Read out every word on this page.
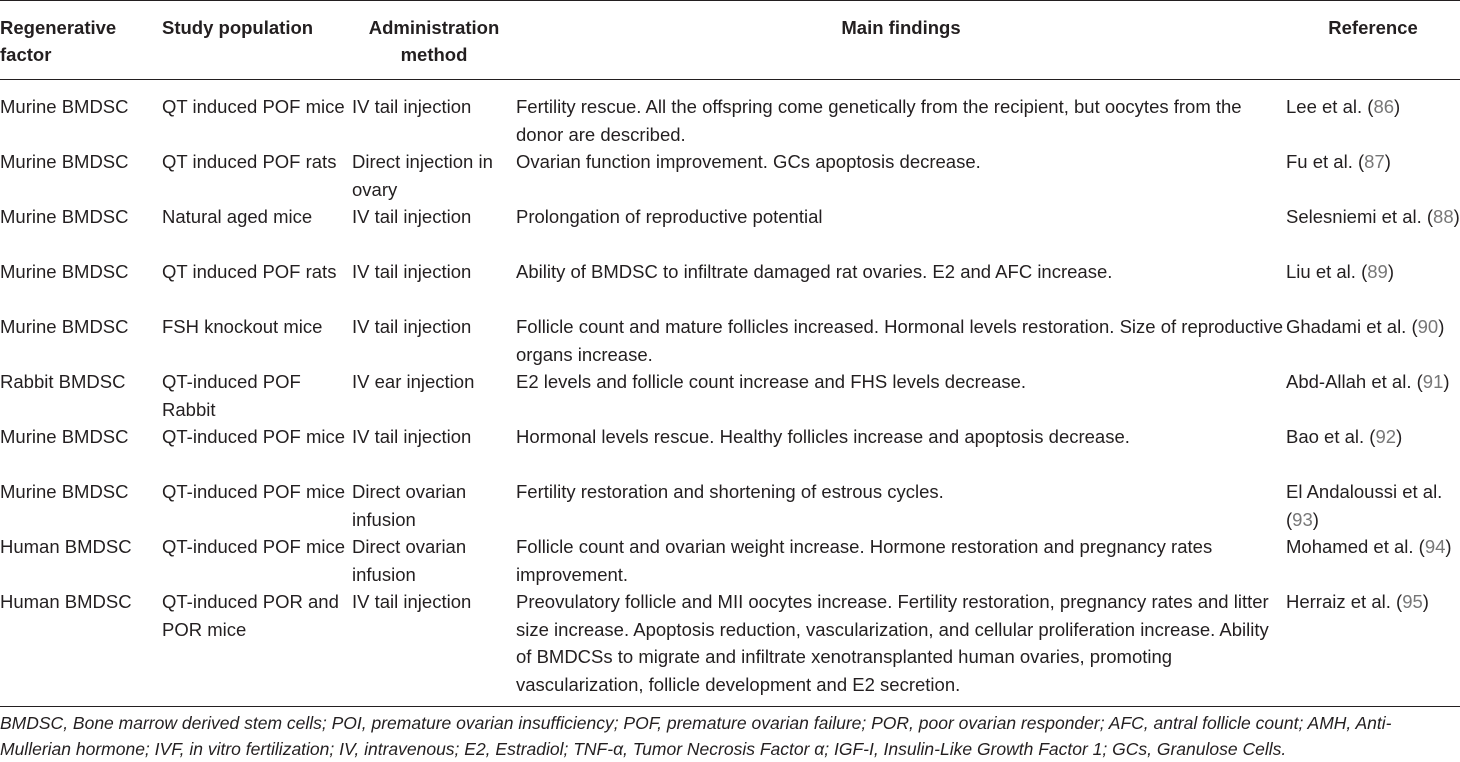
Regenerative factor	Study population	Administration method	Main findings	Reference
Murine BMDSC	QT induced POF mice	IV tail injection	Fertility rescue. All the offspring come genetically from the recipient, but oocytes from the donor are described.	Lee et al. (86)
Murine BMDSC	QT induced POF rats	Direct injection in ovary	Ovarian function improvement. GCs apoptosis decrease.	Fu et al. (87)
Murine BMDSC	Natural aged mice	IV tail injection	Prolongation of reproductive potential	Selesniemi et al. (88)
Murine BMDSC	QT induced POF rats	IV tail injection	Ability of BMDSC to infiltrate damaged rat ovaries. E2 and AFC increase.	Liu et al. (89)
Murine BMDSC	FSH knockout mice	IV tail injection	Follicle count and mature follicles increased. Hormonal levels restoration. Size of reproductive organs increase.	Ghadami et al. (90)
Rabbit BMDSC	QT-induced POF Rabbit	IV ear injection	E2 levels and follicle count increase and FHS levels decrease.	Abd-Allah et al. (91)
Murine BMDSC	QT-induced POF mice	IV tail injection	Hormonal levels rescue. Healthy follicles increase and apoptosis decrease.	Bao et al. (92)
Murine BMDSC	QT-induced POF mice	Direct ovarian infusion	Fertility restoration and shortening of estrous cycles.	El Andaloussi et al. (93)
Human BMDSC	QT-induced POF mice	Direct ovarian infusion	Follicle count and ovarian weight increase. Hormone restoration and pregnancy rates improvement.	Mohamed et al. (94)
Human BMDSC	QT-induced POR and POR mice	IV tail injection	Preovulatory follicle and MII oocytes increase. Fertility restoration, pregnancy rates and litter size increase. Apoptosis reduction, vascularization, and cellular proliferation increase. Ability of BMDCSs to migrate and infiltrate xenotransplanted human ovaries, promoting vascularization, follicle development and E2 secretion.	Herraiz et al. (95)
BMDSC, Bone marrow derived stem cells; POI, premature ovarian insufficiency; POF, premature ovarian failure; POR, poor ovarian responder; AFC, antral follicle count; AMH, Anti-Mullerian hormone; IVF, in vitro fertilization; IV, intravenous; E2, Estradiol; TNF-α, Tumor Necrosis Factor α; IGF-I, Insulin-Like Growth Factor 1; GCs, Granulose Cells.
